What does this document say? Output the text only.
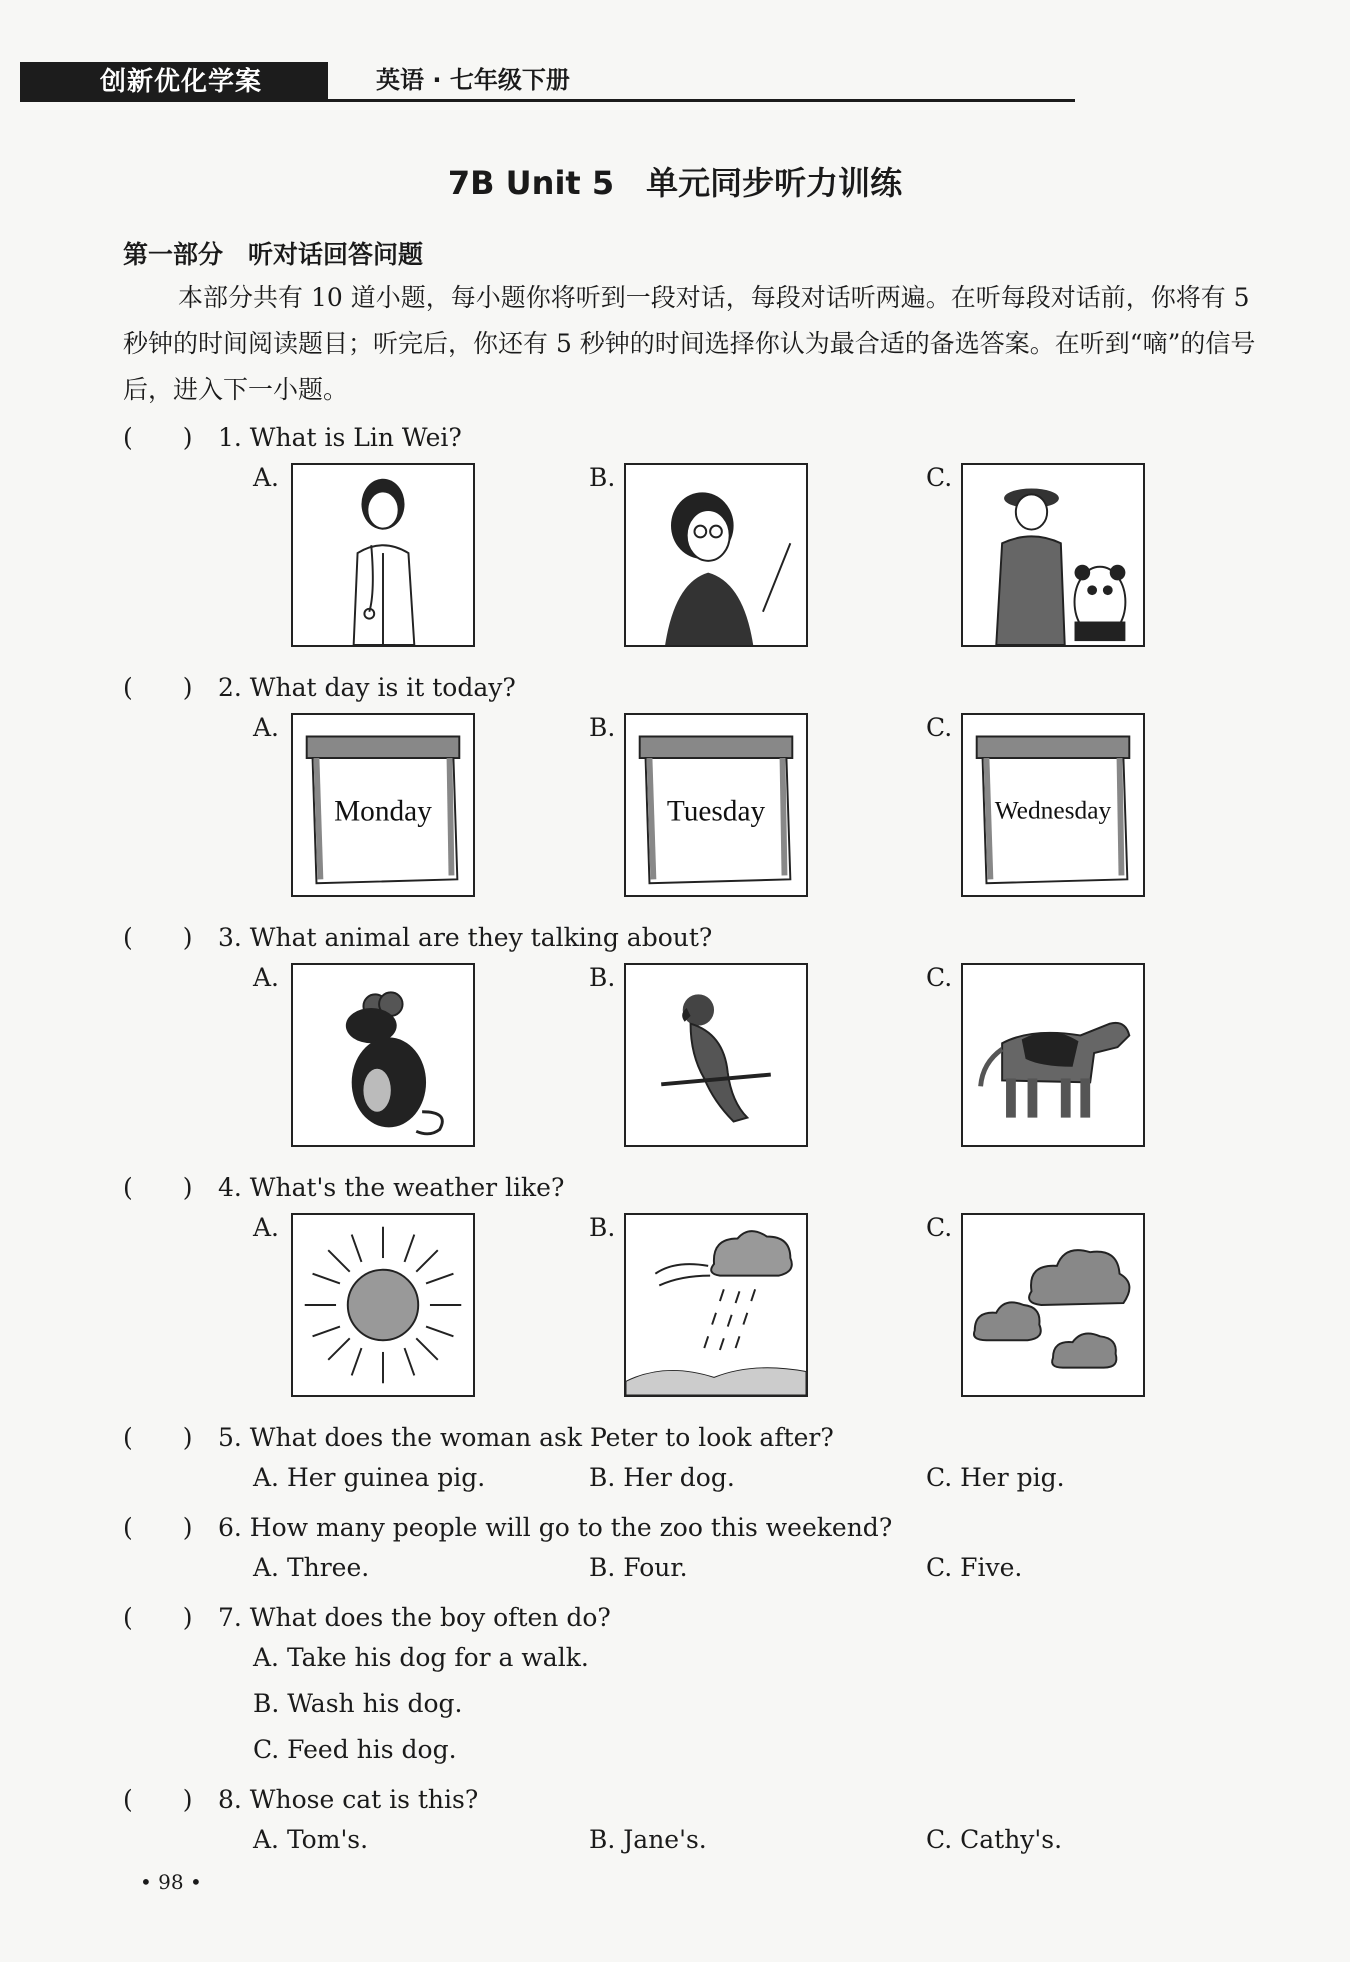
创新优化学案	英语 · 七年级下册
7B Unit 5　单元同步听力训练
第一部分　听对话回答问题
本部分共有 10 道小题，每小题你将听到一段对话，每段对话听两遍。在听每段对话前，你将有 5 秒钟的时间阅读题目；听完后，你还有 5 秒钟的时间选择你认为最合适的备选答案。在听到“嘀”的信号后，进入下一小题。
(　　) 1. What is Lin Wei?
A.	B.	C.
(　　) 2. What day is it today?
A.	B.	C.
Monday	Tuesday	Wednesday
(　　) 3. What animal are they talking about?
A.	B.	C.
(　　) 4. What's the weather like?
A.	B.	C.
(　　) 5. What does the woman ask Peter to look after?
A. Her guinea pig.	B. Her dog.	C. Her pig.
(　　) 6. How many people will go to the zoo this weekend?
A. Three.	B. Four.	C. Five.
(　　) 7. What does the boy often do?
A. Take his dog for a walk.
B. Wash his dog.
C. Feed his dog.
(　　) 8. Whose cat is this?
A. Tom's.	B. Jane's.	C. Cathy's.
• 98 •
